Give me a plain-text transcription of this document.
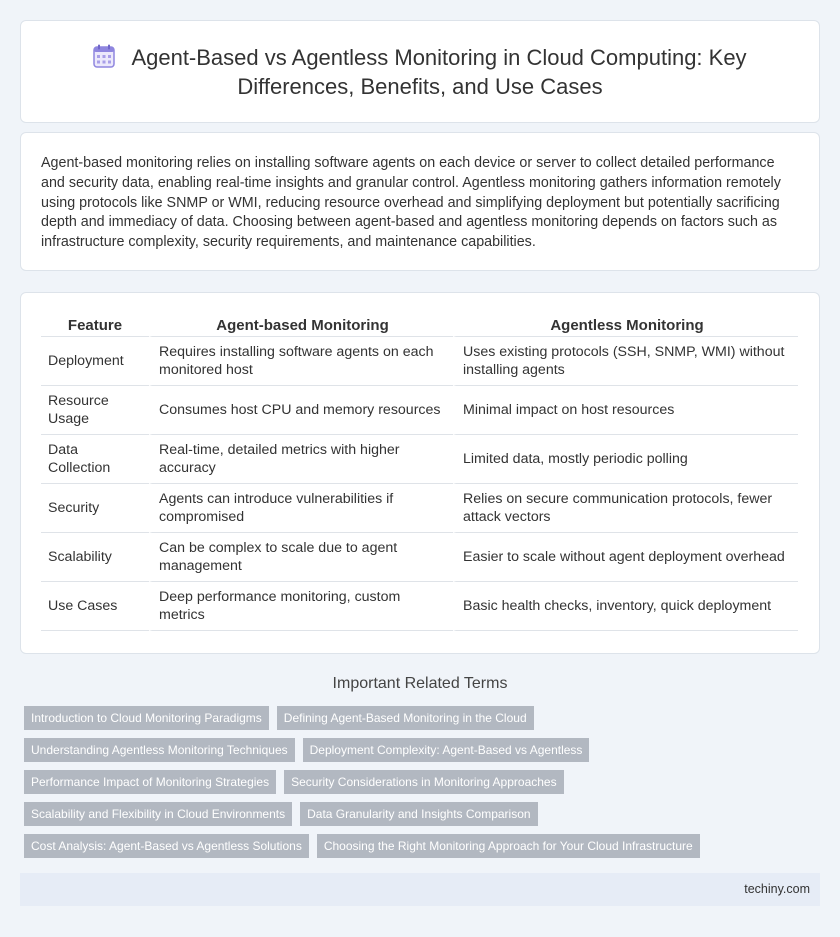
Agent-Based vs Agentless Monitoring in Cloud Computing: Key
Differences, Benefits, and Use Cases

Agent-based monitoring relies on installing software agents on each device or server to collect detailed performance and security data, enabling real-time insights and granular control. Agentless monitoring gathers information remotely using protocols like SNMP or WMI, reducing resource overhead and simplifying deployment but potentially sacrificing depth and immediacy of data. Choosing between agent-based and agentless monitoring depends on factors such as infrastructure complexity, security requirements, and maintenance capabilities.

Feature	Agent-based Monitoring	Agentless Monitoring
Deployment	Requires installing software agents on each monitored host	Uses existing protocols (SSH, SNMP, WMI) without installing agents
Resource Usage	Consumes host CPU and memory resources	Minimal impact on host resources
Data Collection	Real-time, detailed metrics with higher accuracy	Limited data, mostly periodic polling
Security	Agents can introduce vulnerabilities if compromised	Relies on secure communication protocols, fewer attack vectors
Scalability	Can be complex to scale due to agent management	Easier to scale without agent deployment overhead
Use Cases	Deep performance monitoring, custom metrics	Basic health checks, inventory, quick deployment
Important Related Terms
Introduction to Cloud Monitoring Paradigms	Defining Agent-Based Monitoring in the Cloud
Understanding Agentless Monitoring Techniques	Deployment Complexity: Agent-Based vs Agentless
Performance Impact of Monitoring Strategies	Security Considerations in Monitoring Approaches
Scalability and Flexibility in Cloud Environments	Data Granularity and Insights Comparison
Cost Analysis: Agent-Based vs Agentless Solutions	Choosing the Right Monitoring Approach for Your Cloud Infrastructure
techiny.com
